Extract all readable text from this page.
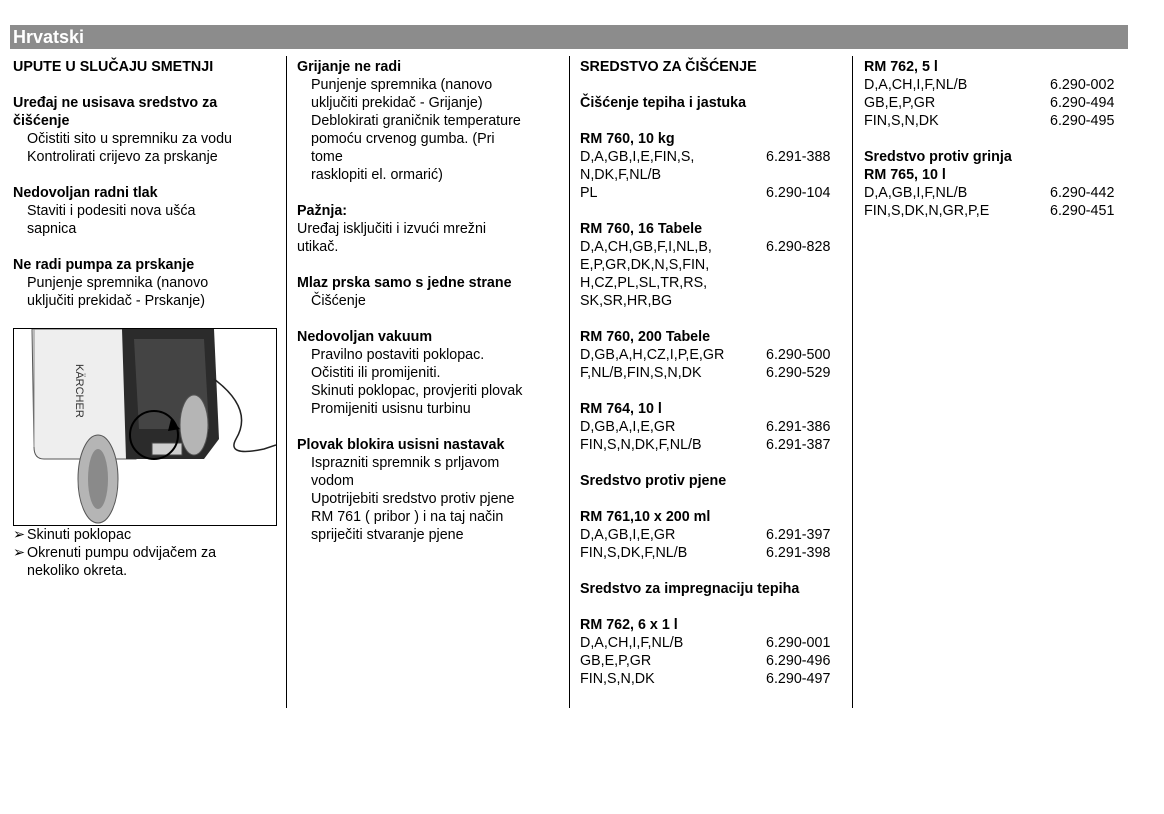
Hrvatski
UPUTE U SLUČAJU SMETNJI
Uređaj ne usisava sredstvo za
čišćenje
Očistiti sito u spremniku za vodu
Kontrolirati crijevo za prskanje
Nedovoljan radni tlak
Staviti i podesiti nova ušća
sapnica
Ne radi pumpa za prskanje
Punjenje spremnika (nanovo
uključiti prekidač - Prskanje)
KÄRCHER
➢ Skinuti poklopac
➢ Okrenuti pumpu odvijačem za
nekoliko okreta.
Grijanje ne radi
Punjenje spremnika (nanovo
uključiti prekidač - Grijanje)
Deblokirati graničnik temperature
pomoću crvenog gumba. (Pri
tome
rasklopiti el. ormarić)
Pažnja:
Uređaj isključiti i izvući mrežni
utikač.
Mlaz prska samo s jedne strane
Čišćenje
Nedovoljan vakuum
Pravilno postaviti poklopac.
Očistiti ili promijeniti.
Skinuti poklopac, provjeriti plovak
Promijeniti usisnu turbinu
Plovak blokira usisni nastavak
Isprazniti spremnik s prljavom
vodom
Upotrijebiti sredstvo protiv pjene
RM 761 ( pribor ) i na taj način
spriječiti stvaranje pjene
SREDSTVO ZA ČIŠĆENJE
Čišćenje tepiha i jastuka
RM 760, 10 kg
D,A,GB,I,E,FIN,S,	6.291-388
N,DK,F,NL/B
PL	6.290-104
RM 760, 16 Tabele
D,A,CH,GB,F,I,NL,B,	6.290-828
E,P,GR,DK,N,S,FIN,
H,CZ,PL,SL,TR,RS,
SK,SR,HR,BG
RM 760, 200 Tabele
D,GB,A,H,CZ,I,P,E,GR	6.290-500
F,NL/B,FIN,S,N,DK	6.290-529
RM 764, 10 l
D,GB,A,I,E,GR	6.291-386
FIN,S,N,DK,F,NL/B	6.291-387
Sredstvo protiv pjene
RM 761,10 x 200 ml
D,A,GB,I,E,GR	6.291-397
FIN,S,DK,F,NL/B	6.291-398
Sredstvo za impregnaciju tepiha
RM 762, 6 x 1 l
D,A,CH,I,F,NL/B	6.290-001
GB,E,P,GR	6.290-496
FIN,S,N,DK	6.290-497
RM 762, 5 l
D,A,CH,I,F,NL/B	6.290-002
GB,E,P,GR	6.290-494
FIN,S,N,DK	6.290-495
Sredstvo protiv grinja
RM 765, 10 l
D,A,GB,I,F,NL/B	6.290-442
FIN,S,DK,N,GR,P,E	6.290-451
